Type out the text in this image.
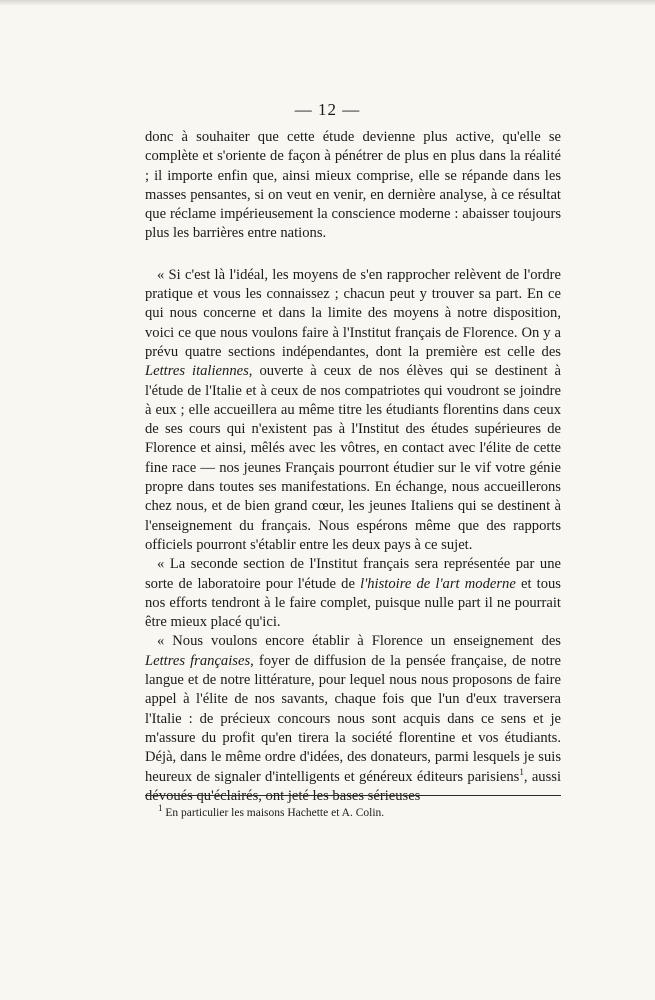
— 12 —

donc à souhaiter que cette étude devienne plus active, qu'elle se complète et s'oriente de façon à pénétrer de plus en plus dans la réalité ; il importe enfin que, ainsi mieux comprise, elle se répande dans les masses pensantes, si on veut en venir, en dernière analyse, à ce résultat que réclame impérieusement la conscience moderne : abaisser toujours plus les barrières entre nations.

« Si c'est là l'idéal, les moyens de s'en rapprocher relèvent de l'ordre pratique et vous les connaissez ; chacun peut y trouver sa part. En ce qui nous concerne et dans la limite des moyens à notre disposition, voici ce que nous voulons faire à l'Institut français de Florence. On y a prévu quatre sections indépendantes, dont la première est celle des Lettres italiennes, ouverte à ceux de nos élèves qui se destinent à l'étude de l'Italie et à ceux de nos compatriotes qui voudront se joindre à eux ; elle accueillera au même titre les étudiants florentins dans ceux de ses cours qui n'existent pas à l'Institut des études supérieures de Florence et ainsi, mêlés avec les vôtres, en contact avec l'élite de cette fine race — nos jeunes Français pourront étudier sur le vif votre génie propre dans toutes ses manifestations. En échange, nous accueillerons chez nous, et de bien grand cœur, les jeunes Italiens qui se destinent à l'enseignement du français. Nous espérons même que des rapports officiels pourront s'établir entre les deux pays à ce sujet.

« La seconde section de l'Institut français sera représentée par une sorte de laboratoire pour l'étude de l'histoire de l'art moderne et tous nos efforts tendront à le faire complet, puisque nulle part il ne pourrait être mieux placé qu'ici.

« Nous voulons encore établir à Florence un enseignement des Lettres françaises, foyer de diffusion de la pensée française, de notre langue et de notre littérature, pour lequel nous nous proposons de faire appel à l'élite de nos savants, chaque fois que l'un d'eux traversera l'Italie : de précieux concours nous sont acquis dans ce sens et je m'assure du profit qu'en tirera la société florentine et vos étudiants. Déjà, dans le même ordre d'idées, des donateurs, parmi lesquels je suis heureux de signaler d'intelligents et généreux éditeurs parisiens$^1$, aussi dévoués qu'éclairés, ont jeté les bases sérieuses

$^1$ En particulier les maisons Hachette et A. Colin.
